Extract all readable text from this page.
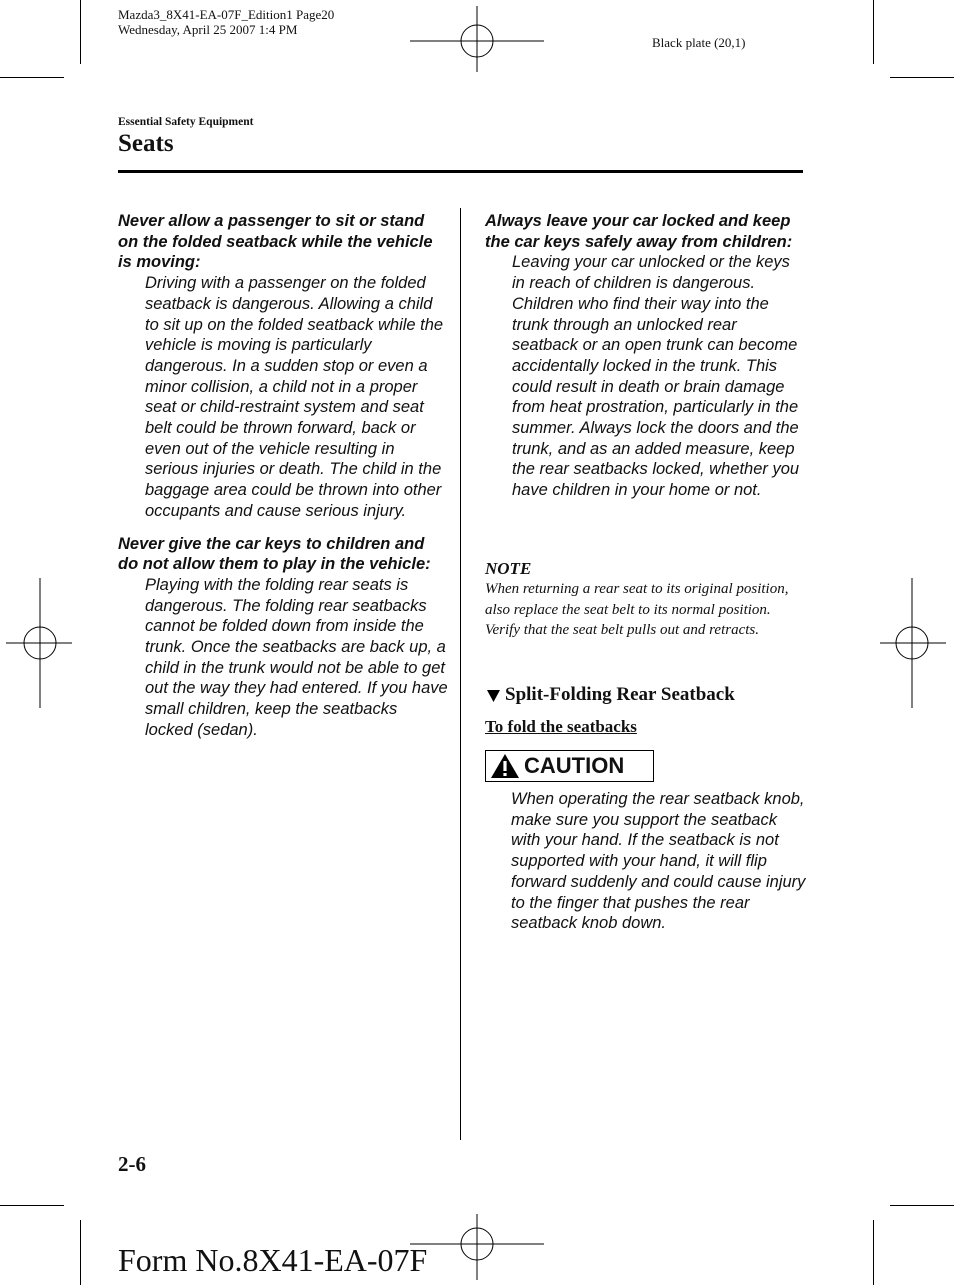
Mazda3_8X41-EA-07F_Edition1 Page20
Wednesday, April 25 2007 1:4 PM
Black plate (20,1)
Essential Safety Equipment
Seats

Never allow a passenger to sit or stand on the folded seatback while the vehicle is moving:

Driving with a passenger on the folded seatback is dangerous. Allowing a child to sit up on the folded seatback while the vehicle is moving is particularly dangerous. In a sudden stop or even a minor collision, a child not in a proper seat or child-restraint system and seat belt could be thrown forward, back or even out of the vehicle resulting in serious injuries or death. The child in the baggage area could be thrown into other occupants and cause serious injury.

Never give the car keys to children and do not allow them to play in the vehicle:

Playing with the folding rear seats is dangerous. The folding rear seatbacks cannot be folded down from inside the trunk. Once the seatbacks are back up, a child in the trunk would not be able to get out the way they had entered. If you have small children, keep the seatbacks locked (sedan).

Always leave your car locked and keep the car keys safely away from children:

Leaving your car unlocked or the keys in reach of children is dangerous. Children who find their way into the trunk through an unlocked rear seatback or an open trunk can become accidentally locked in the trunk. This could result in death or brain damage from heat prostration, particularly in the summer. Always lock the doors and the trunk, and as an added measure, keep the rear seatbacks locked, whether you have children in your home or not.

NOTE

When returning a rear seat to its original position, also replace the seat belt to its normal position. Verify that the seat belt pulls out and retracts.

Split-Folding Rear Seatback
To fold the seatbacks
CAUTION

When operating the rear seatback knob, make sure you support the seatback with your hand. If the seatback is not supported with your hand, it will flip forward suddenly and could cause injury to the finger that pushes the rear seatback knob down.

2-6
Form No.8X41-EA-07F
